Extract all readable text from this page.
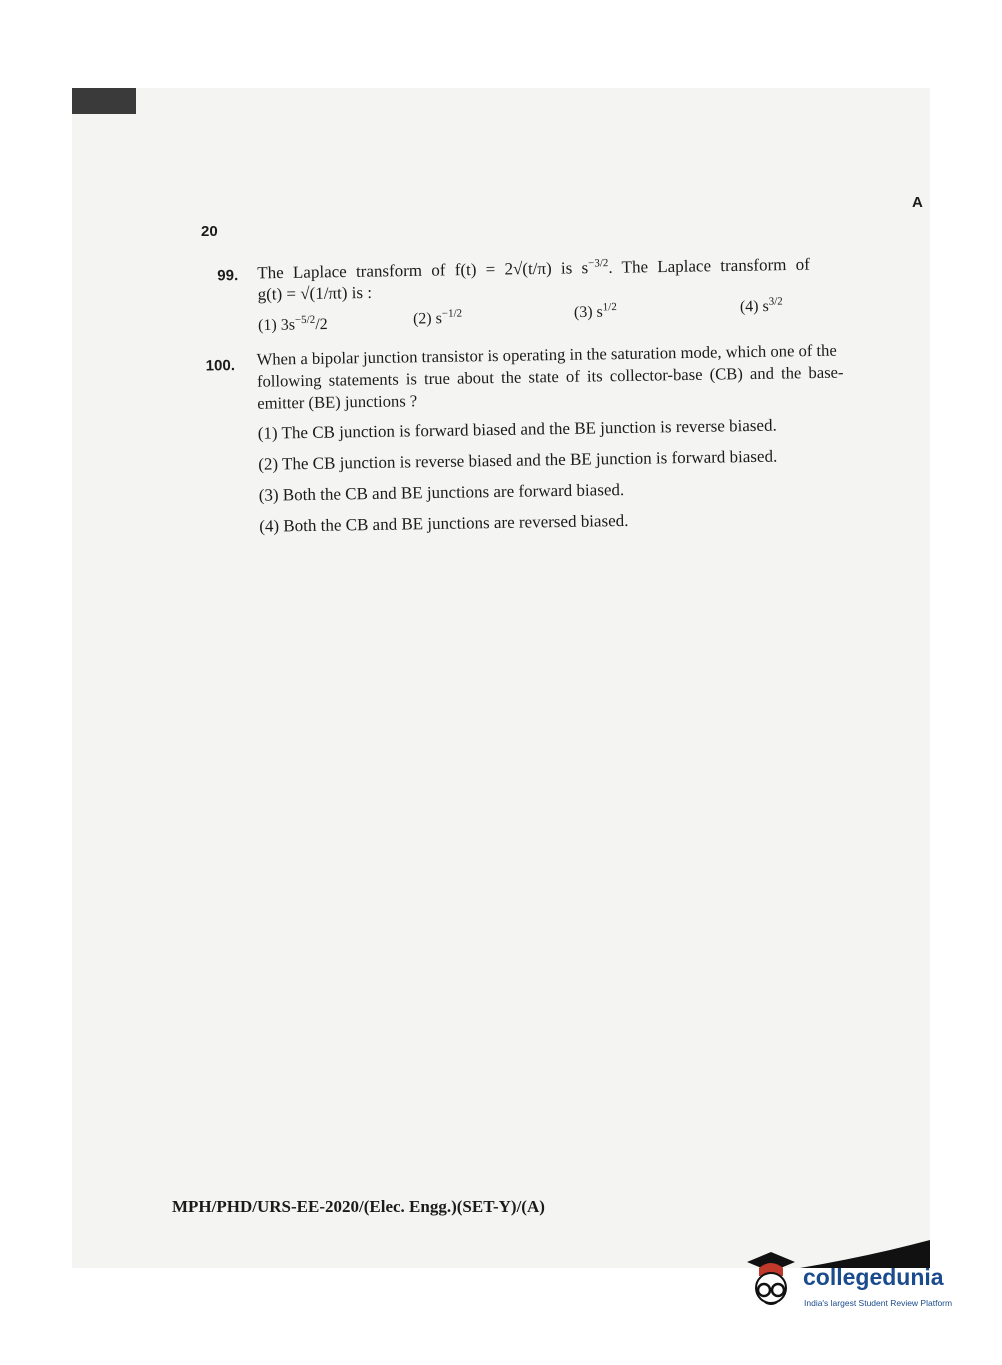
20
A
99. The Laplace transform of f(t) = 2√(t/π) is $s^{-3/2}$. The Laplace transform of
g(t) = √(1/πt) is :
(1) $3s^{-5/2}/2$	(2) $s^{-1/2}$	(3) $s^{1/2}$	(4) $s^{3/2}$
100. When a bipolar junction transistor is operating in the saturation mode, which one of the
following statements is true about the state of its collector-base (CB) and the base-
emitter (BE) junctions ?
(1) The CB junction is forward biased and the BE junction is reverse biased.
(2) The CB junction is reverse biased and the BE junction is forward biased.
(3) Both the CB and BE junctions are forward biased.
(4) Both the CB and BE junctions are reversed biased.
MPH/PHD/URS-EE-2020/(Elec. Engg.)(SET-Y)/(A)
collegedunia
India's largest Student Review Platform
